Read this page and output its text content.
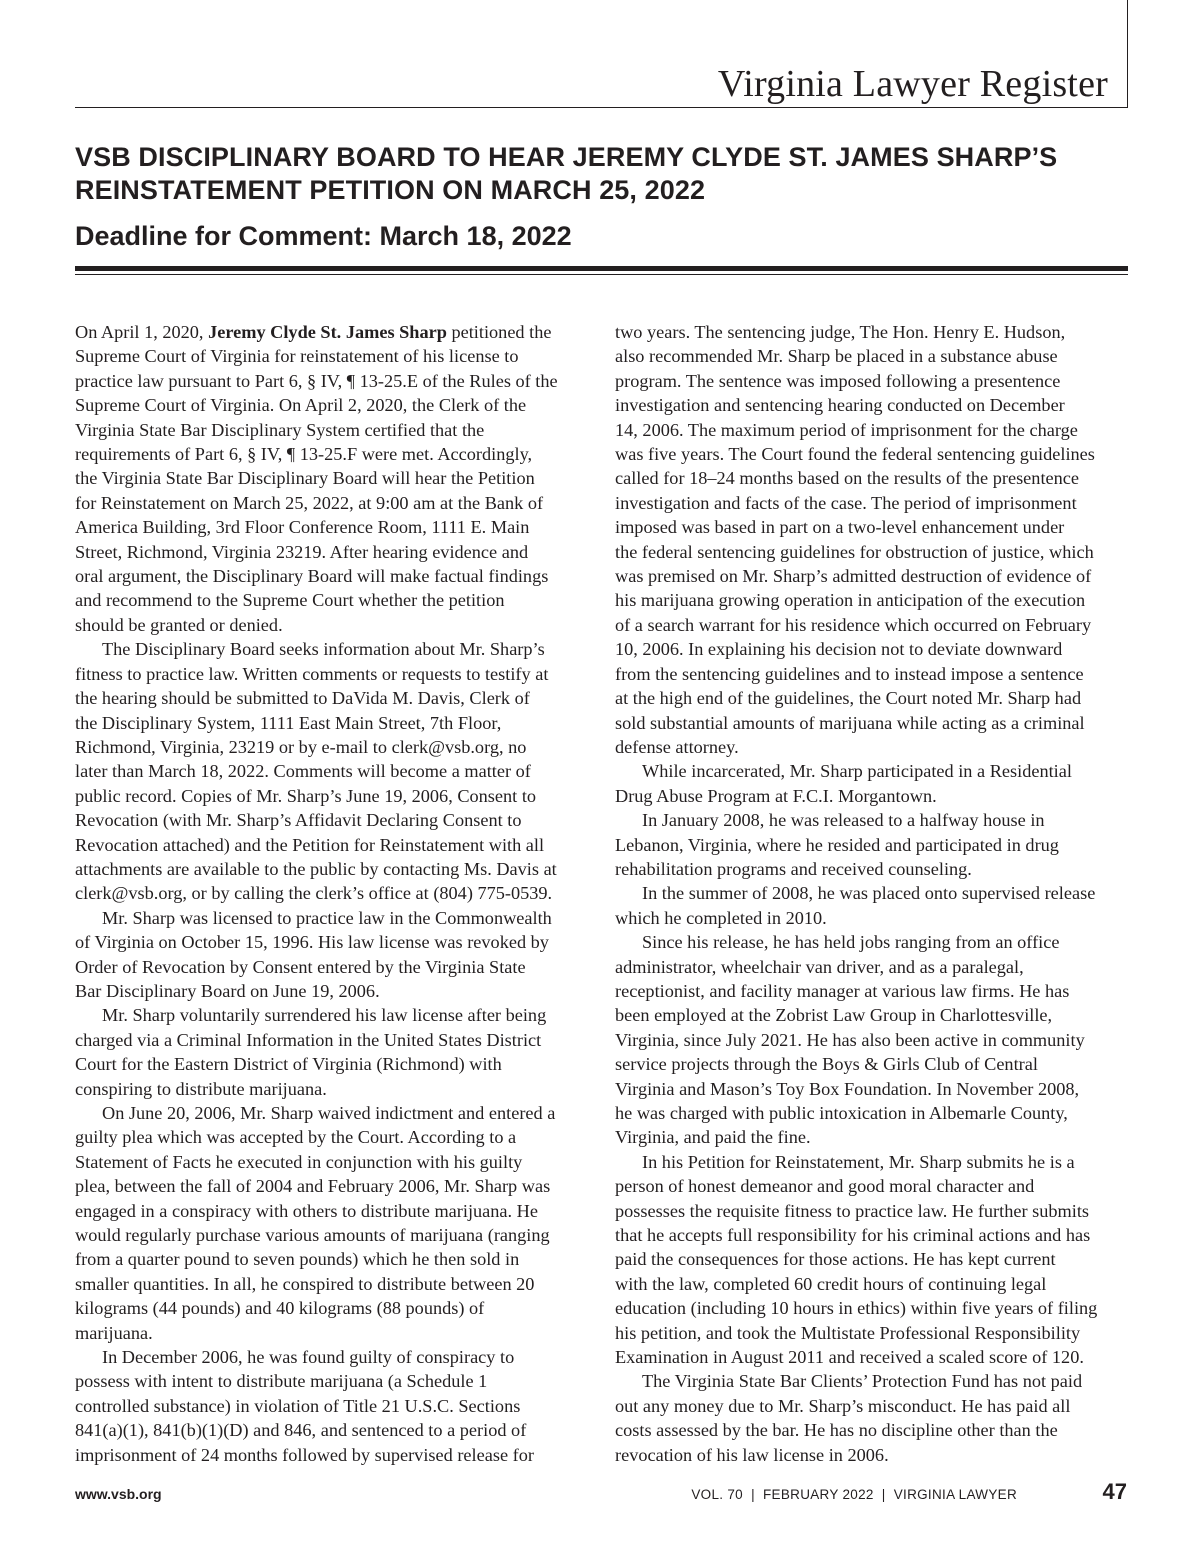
Virginia Lawyer Register
VSB DISCIPLINARY BOARD TO HEAR JEREMY CLYDE ST. JAMES SHARP’S REINSTATEMENT PETITION ON MARCH 25, 2022
Deadline for Comment: March 18, 2022

On April 1, 2020, Jeremy Clyde St. James Sharp petitioned the
Supreme Court of Virginia for reinstatement of his license to
practice law pursuant to Part 6, § IV, ¶ 13-25.E of the Rules of the
Supreme Court of Virginia. On April 2, 2020, the Clerk of the
Virginia State Bar Disciplinary System certified that the
requirements of Part 6, § IV, ¶ 13-25.F were met. Accordingly,
the Virginia State Bar Disciplinary Board will hear the Petition
for Reinstatement on March 25, 2022, at 9:00 am at the Bank of
America Building, 3rd Floor Conference Room, 1111 E. Main
Street, Richmond, Virginia 23219. After hearing evidence and
oral argument, the Disciplinary Board will make factual findings
and recommend to the Supreme Court whether the petition
should be granted or denied.

The Disciplinary Board seeks information about Mr. Sharp’s
fitness to practice law. Written comments or requests to testify at
the hearing should be submitted to DaVida M. Davis, Clerk of
the Disciplinary System, 1111 East Main Street, 7th Floor,
Richmond, Virginia, 23219 or by e-mail to clerk@vsb.org, no
later than March 18, 2022. Comments will become a matter of
public record. Copies of Mr. Sharp’s June 19, 2006, Consent to
Revocation (with Mr. Sharp’s Affidavit Declaring Consent to
Revocation attached) and the Petition for Reinstatement with all
attachments are available to the public by contacting Ms. Davis at
clerk@vsb.org, or by calling the clerk’s office at (804) 775-0539.

Mr. Sharp was licensed to practice law in the Commonwealth
of Virginia on October 15, 1996. His law license was revoked by
Order of Revocation by Consent entered by the Virginia State
Bar Disciplinary Board on June 19, 2006.

Mr. Sharp voluntarily surrendered his law license after being
charged via a Criminal Information in the United States District
Court for the Eastern District of Virginia (Richmond) with
conspiring to distribute marijuana.

On June 20, 2006, Mr. Sharp waived indictment and entered a
guilty plea which was accepted by the Court. According to a
Statement of Facts he executed in conjunction with his guilty
plea, between the fall of 2004 and February 2006, Mr. Sharp was
engaged in a conspiracy with others to distribute marijuana. He
would regularly purchase various amounts of marijuana (ranging
from a quarter pound to seven pounds) which he then sold in
smaller quantities. In all, he conspired to distribute between 20
kilograms (44 pounds) and 40 kilograms (88 pounds) of
marijuana.

In December 2006, he was found guilty of conspiracy to
possess with intent to distribute marijuana (a Schedule 1
controlled substance) in violation of Title 21 U.S.C. Sections
841(a)(1), 841(b)(1)(D) and 846, and sentenced to a period of
imprisonment of 24 months followed by supervised release for

two years. The sentencing judge, The Hon. Henry E. Hudson,
also recommended Mr. Sharp be placed in a substance abuse
program. The sentence was imposed following a presentence
investigation and sentencing hearing conducted on December
14, 2006. The maximum period of imprisonment for the charge
was five years. The Court found the federal sentencing guidelines
called for 18–24 months based on the results of the presentence
investigation and facts of the case. The period of imprisonment
imposed was based in part on a two-level enhancement under
the federal sentencing guidelines for obstruction of justice, which
was premised on Mr. Sharp’s admitted destruction of evidence of
his marijuana growing operation in anticipation of the execution
of a search warrant for his residence which occurred on February
10, 2006. In explaining his decision not to deviate downward
from the sentencing guidelines and to instead impose a sentence
at the high end of the guidelines, the Court noted Mr. Sharp had
sold substantial amounts of marijuana while acting as a criminal
defense attorney.

While incarcerated, Mr. Sharp participated in a Residential
Drug Abuse Program at F.C.I. Morgantown.

In January 2008, he was released to a halfway house in
Lebanon, Virginia, where he resided and participated in drug
rehabilitation programs and received counseling.

In the summer of 2008, he was placed onto supervised release
which he completed in 2010.

Since his release, he has held jobs ranging from an office
administrator, wheelchair van driver, and as a paralegal,
receptionist, and facility manager at various law firms. He has
been employed at the Zobrist Law Group in Charlottesville,
Virginia, since July 2021. He has also been active in community
service projects through the Boys & Girls Club of Central
Virginia and Mason’s Toy Box Foundation. In November 2008,
he was charged with public intoxication in Albemarle County,
Virginia, and paid the fine.

In his Petition for Reinstatement, Mr. Sharp submits he is a
person of honest demeanor and good moral character and
possesses the requisite fitness to practice law. He further submits
that he accepts full responsibility for his criminal actions and has
paid the consequences for those actions. He has kept current
with the law, completed 60 credit hours of continuing legal
education (including 10 hours in ethics) within five years of filing
his petition, and took the Multistate Professional Responsibility
Examination in August 2011 and received a scaled score of 120.

The Virginia State Bar Clients’ Protection Fund has not paid
out any money due to Mr. Sharp’s misconduct. He has paid all
costs assessed by the bar. He has no discipline other than the
revocation of his law license in 2006.

www.vsb.org	VOL. 70  |  FEBRUARY 2022  |  VIRGINIA LAWYER	47
